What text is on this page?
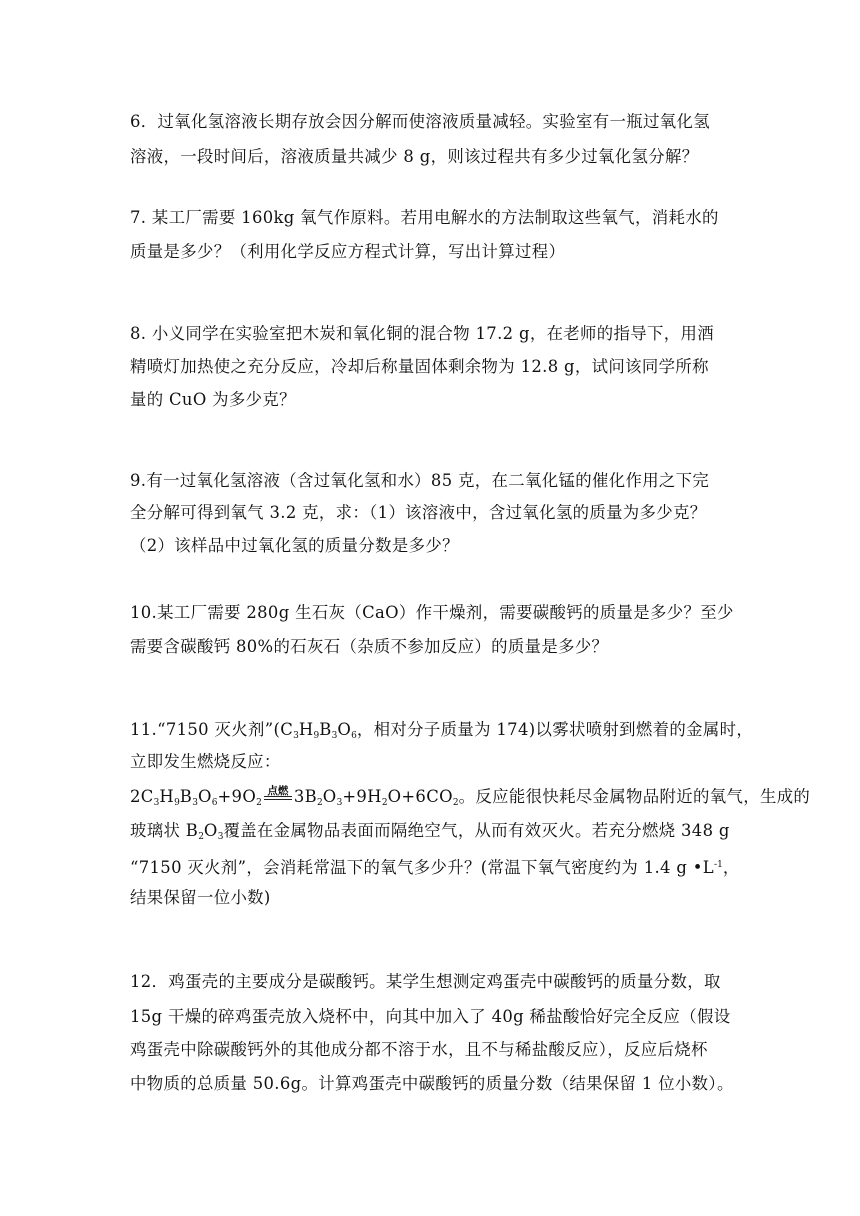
6．过氧化氢溶液长期存放会因分解而使溶液质量减轻。实验室有一瓶过氧化氢
溶液，一段时间后，溶液质量共减少 8 g，则该过程共有多少过氧化氢分解？
7. 某工厂需要 160kg 氧气作原料。若用电解水的方法制取这些氧气，消耗水的
质量是多少？（利用化学反应方程式计算，写出计算过程）
8. 小义同学在实验室把木炭和氧化铜的混合物 17.2 g，在老师的指导下，用酒
精喷灯加热使之充分反应，冷却后称量固体剩余物为 12.8 g，试问该同学所称
量的 CuO 为多少克？
9.有一过氧化氢溶液（含过氧化氢和水）85 克，在二氧化锰的催化作用之下完
全分解可得到氧气 3.2 克，求：（1）该溶液中，含过氧化氢的质量为多少克？
（2）该样品中过氧化氢的质量分数是多少？
10.某工厂需要 280g 生石灰（CaO）作干燥剂，需要碳酸钙的质量是多少？至少
需要含碳酸钙 80%的石灰石（杂质不参加反应）的质量是多少？
11.“7150 灭火剂$”(C_3H_9B_3O_6$，相对分子质量为 174)以雾状喷射到燃着的金属时，
立即发生燃烧反应：
$2C_3H_9B_3O_6+9O_2$
点燃 $3B_2O_3+9H_2O+6CO_2$。反应能很快耗尽金属物品附近的氧气，生成的
玻璃状 $B_2O_3$覆盖在金属物品表面而隔绝空气，从而有效灭火。若充分燃烧 348 g
“7150 灭火剂”，会消耗常温下的氧气多少升？(常温下氧气密度约为 1.4 g $•L^{-1}$，
结果保留一位小数)
12．鸡蛋壳的主要成分是碳酸钙。某学生想测定鸡蛋壳中碳酸钙的质量分数，取
15g 干燥的碎鸡蛋壳放入烧杯中，向其中加入了 40g 稀盐酸恰好完全反应（假设
鸡蛋壳中除碳酸钙外的其他成分都不溶于水，且不与稀盐酸反应），反应后烧杯
中物质的总质量 50.6g。计算鸡蛋壳中碳酸钙的质量分数（结果保留 1 位小数）。
